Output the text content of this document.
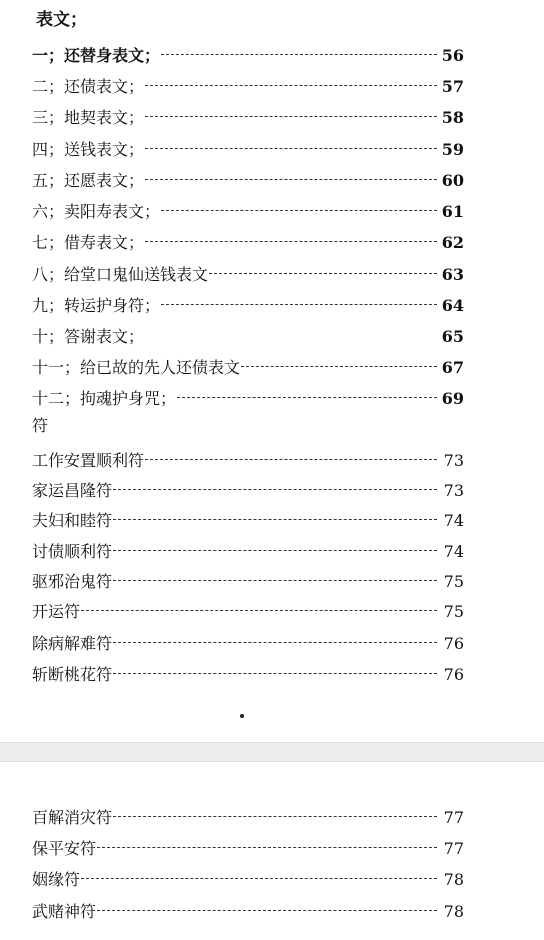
表文；
一；还替身表文；	56
二；还债表文；	57
三；地契表文；	58
四；送钱表文；	59
五；还愿表文；	60
六；卖阳寿表文；	61
七；借寿表文；	62
八；给堂口鬼仙送钱表文	63
九；转运护身符；	64
十；答谢表文；	65
十一；给已故的先人还债表文	67
十二；拘魂护身咒；	69
符
工作安置顺利符	73
家运昌隆符	73
夫妇和睦符	74
讨债顺利符	74
驱邪治鬼符	75
开运符	75
除病解难符	76
斩断桃花符	76
百解消灾符	77
保平安符	77
姻缘符	78
武赌神符	78
